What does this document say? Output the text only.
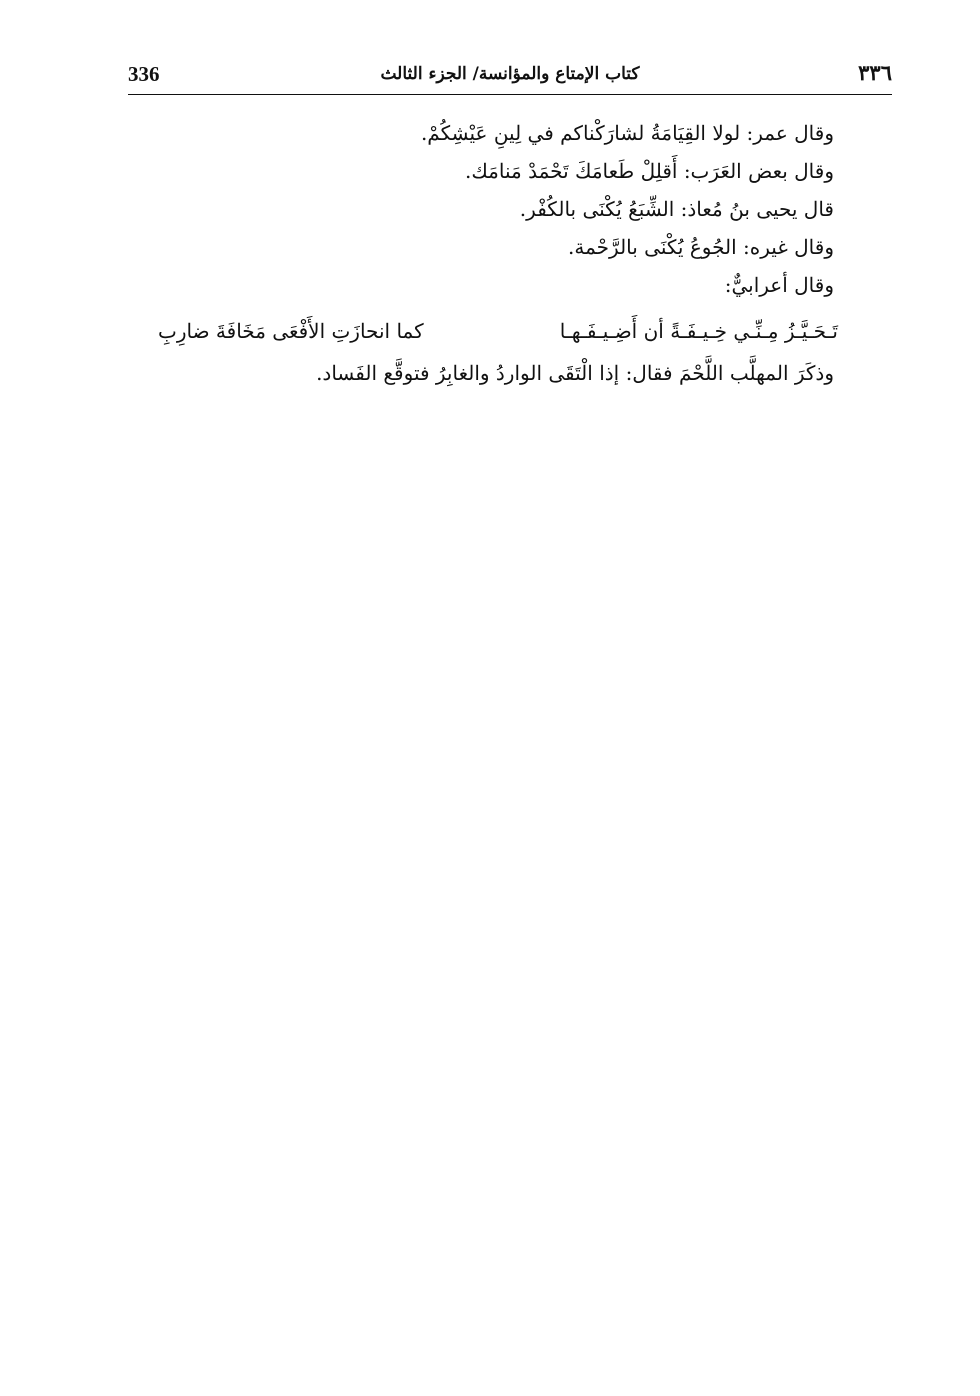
336	كتاب الإمتاع والمؤانسة/ الجزء الثالث	٣٣٦
وقال عمر: لولا القِيَامَةُ لشارَكْناكم في لِينِ عَيْشِكُمْ.
وقال بعض العَرَب: أَقلِلْ طَعامَكَ تَحْمَدْ مَنامَك.
قال يحيى بنُ مُعاذ: الشِّبَعُ يُكْنَى بالكُفْر.
وقال غيره: الجُوعُ يُكْنَى بالرَّحْمة.
وقال أعرابيٌّ:
تَـحَـيَّـزُ مِـنِّـي خِـيـفَـةً أن أَضِـيـفَـهـا
كما انحازَتِ الأَفْعَى مَخَافَةَ ضارِبِ
وذكَرَ المهلَّب اللَّحْمَ فقال: إذا الْتَقَى الواردُ والغابِرُ فتوقَّع الفَساد.
